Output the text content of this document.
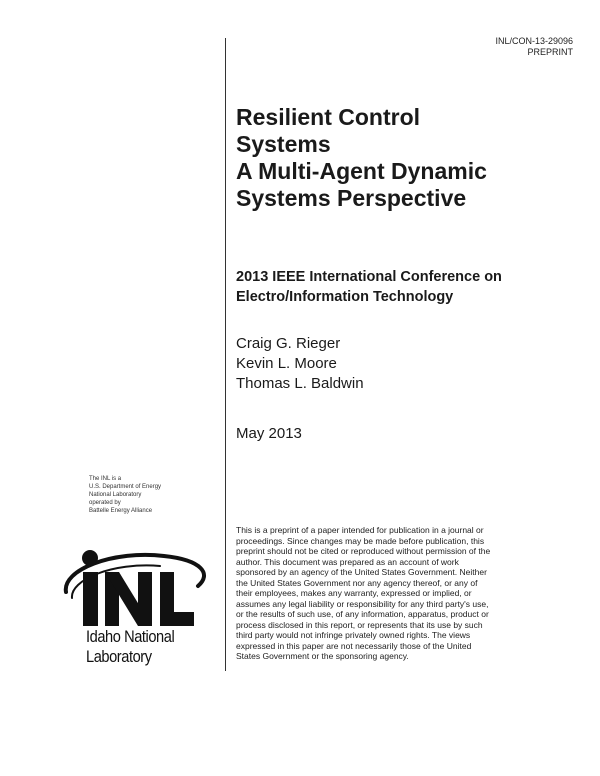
INL/CON-13-29096
PREPRINT
Resilient Control
Systems
A Multi-Agent Dynamic
Systems Perspective
2013 IEEE International Conference on
Electro/Information Technology
Craig G. Rieger
Kevin L. Moore
Thomas L. Baldwin
May 2013
The INL is a
U.S. Department of Energy
National Laboratory
operated by
Battelle Energy Alliance
Idaho National
Laboratory
This is a preprint of a paper intended for publication in a journal or
proceedings. Since changes may be made before publication, this
preprint should not be cited or reproduced without permission of the
author. This document was prepared as an account of work
sponsored by an agency of the United States Government. Neither
the United States Government nor any agency thereof, or any of
their employees, makes any warranty, expressed or implied, or
assumes any legal liability or responsibility for any third party's use,
or the results of such use, of any information, apparatus, product or
process disclosed in this report, or represents that its use by such
third party would not infringe privately owned rights. The views
expressed in this paper are not necessarily those of the United
States Government or the sponsoring agency.
